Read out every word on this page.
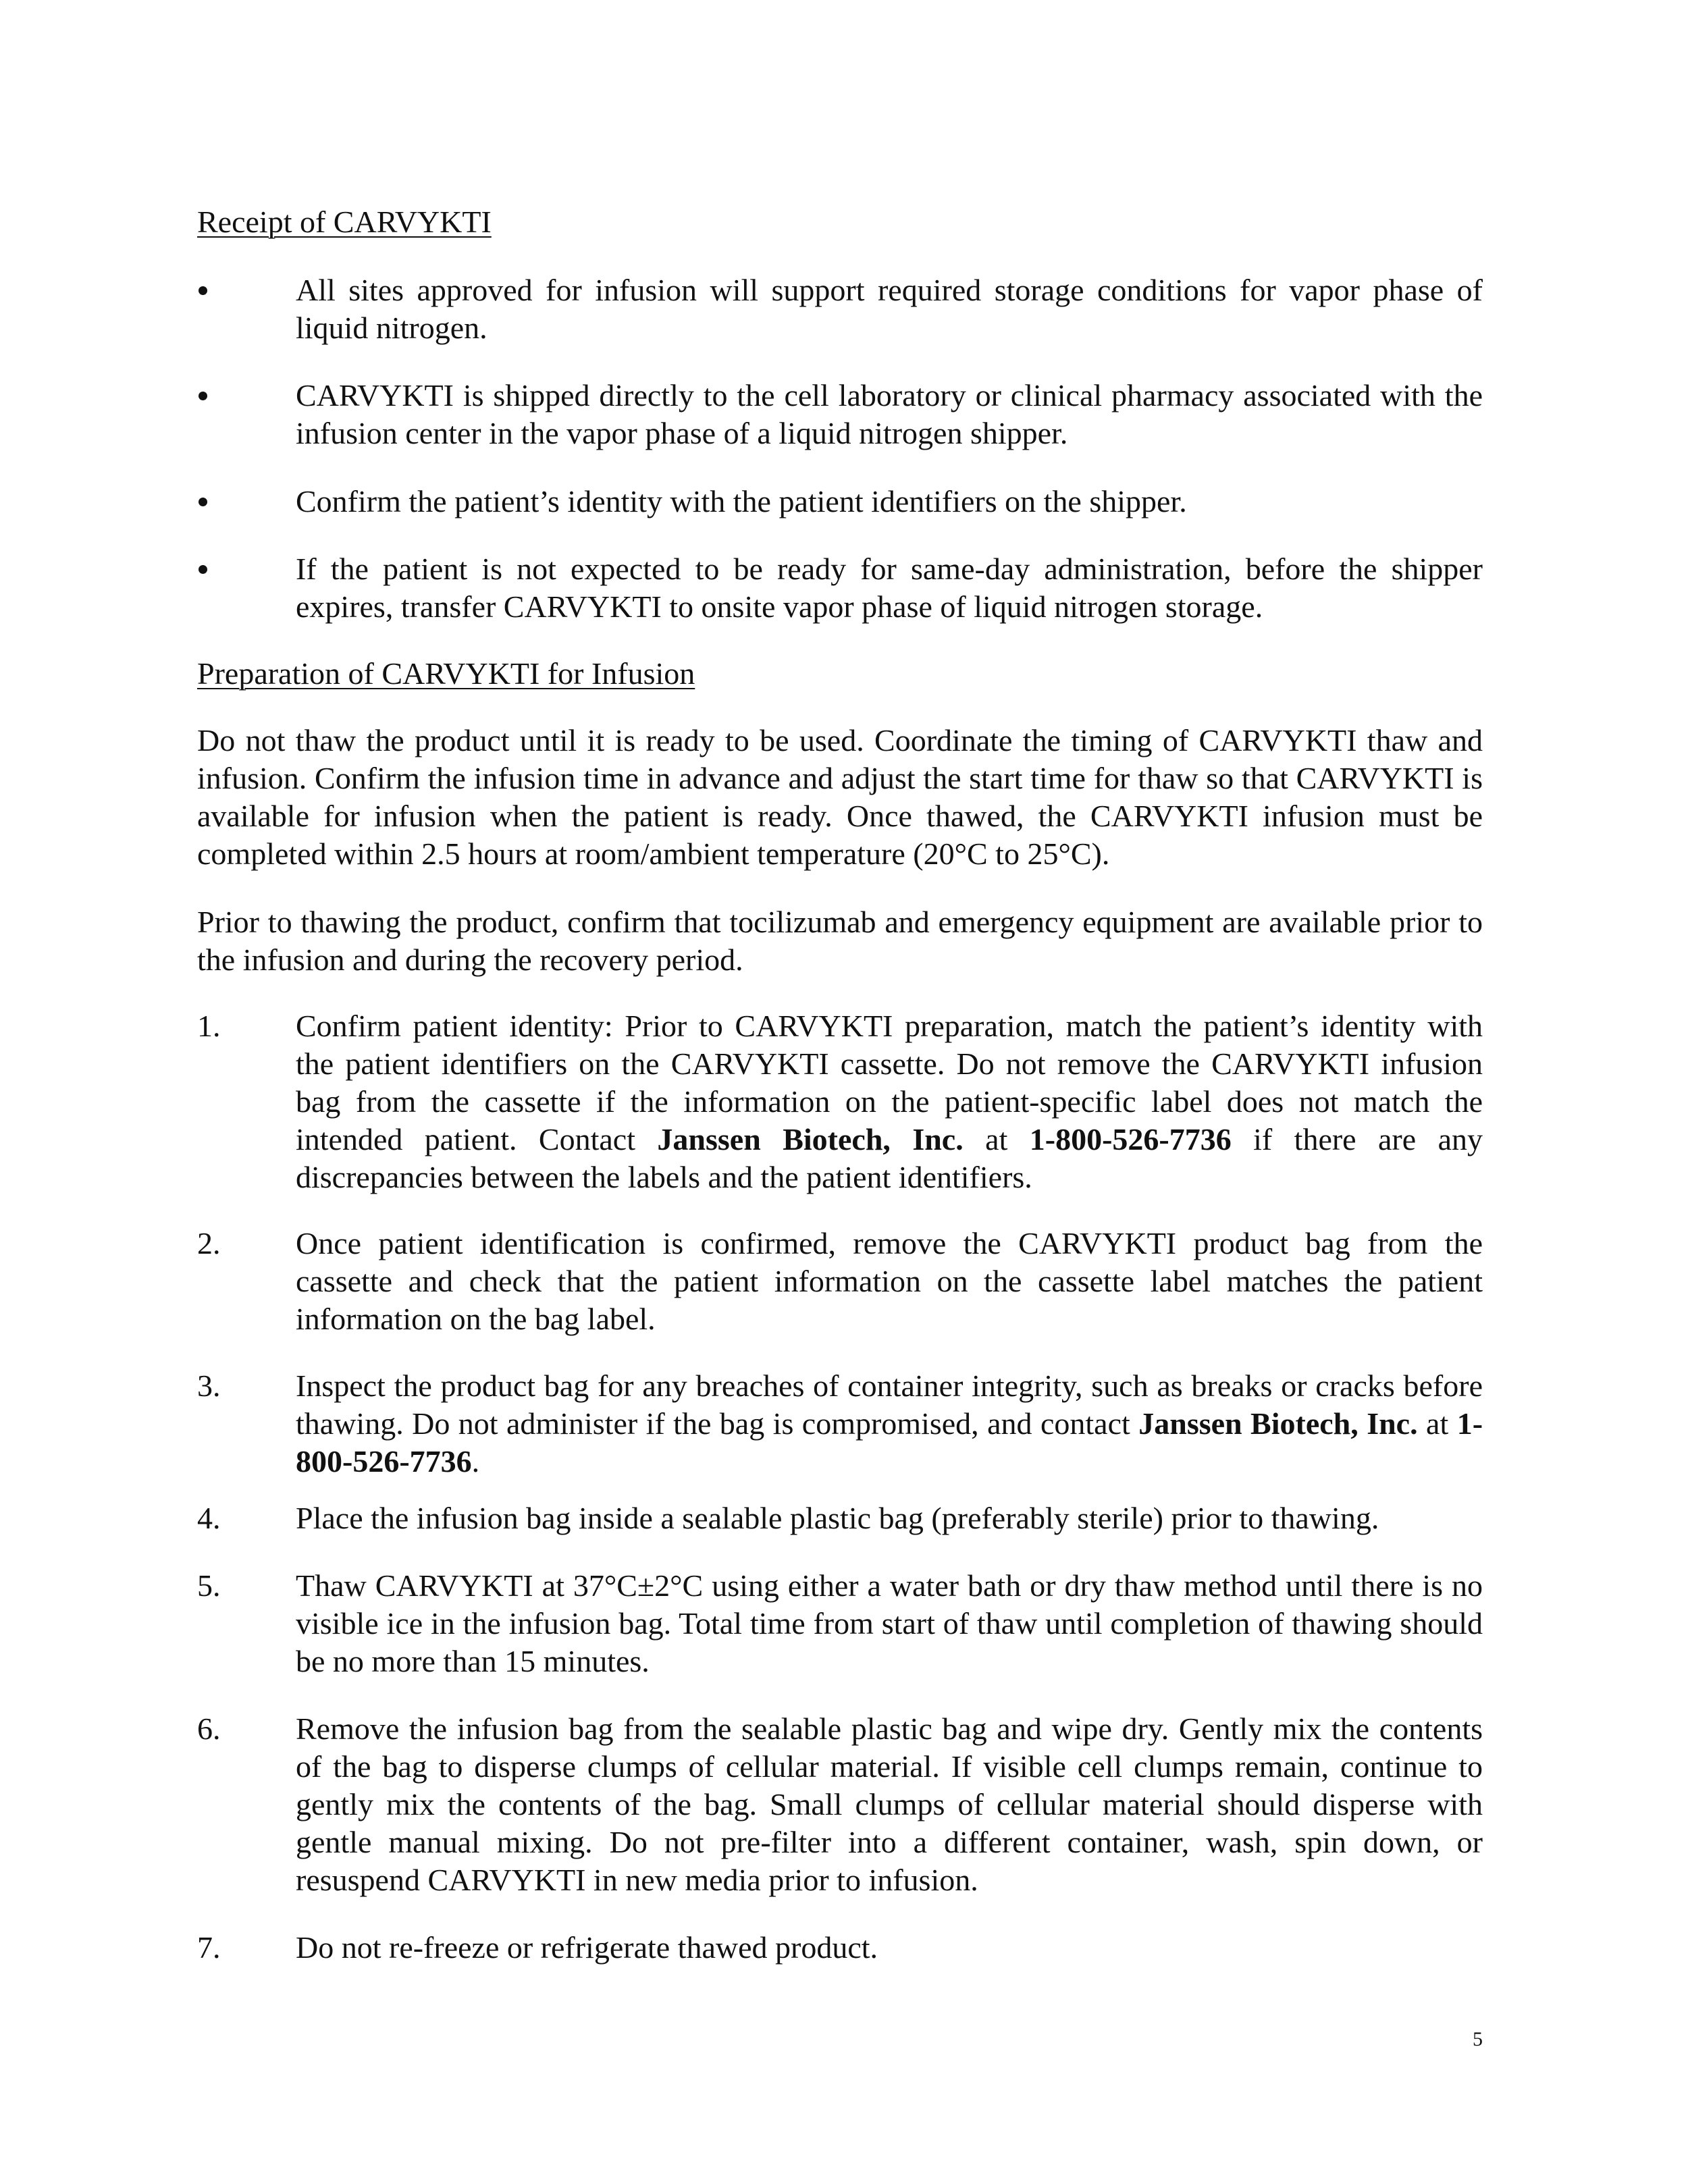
Receipt of CARVYKTI
All sites approved for infusion will support required storage conditions for vapor phase of liquid nitrogen.
CARVYKTI is shipped directly to the cell laboratory or clinical pharmacy associated with the infusion center in the vapor phase of a liquid nitrogen shipper.
Confirm the patient’s identity with the patient identifiers on the shipper.
If the patient is not expected to be ready for same-day administration, before the shipper expires, transfer CARVYKTI to onsite vapor phase of liquid nitrogen storage.
Preparation of CARVYKTI for Infusion
Do not thaw the product until it is ready to be used. Coordinate the timing of CARVYKTI thaw and infusion. Confirm the infusion time in advance and adjust the start time for thaw so that CARVYKTI is available for infusion when the patient is ready. Once thawed, the CARVYKTI infusion must be completed within 2.5 hours at room/ambient temperature (20°C to 25°C).
Prior to thawing the product, confirm that tocilizumab and emergency equipment are available prior to the infusion and during the recovery period.
1.	Confirm patient identity: Prior to CARVYKTI preparation, match the patient’s identity with the patient identifiers on the CARVYKTI cassette. Do not remove the CARVYKTI infusion bag from the cassette if the information on the patient-specific label does not match the intended patient. Contact Janssen Biotech, Inc. at 1-800-526-7736 if there are any discrepancies between the labels and the patient identifiers.
2.	Once patient identification is confirmed, remove the CARVYKTI product bag from the cassette and check that the patient information on the cassette label matches the patient information on the bag label.
3.	Inspect the product bag for any breaches of container integrity, such as breaks or cracks before thawing. Do not administer if the bag is compromised, and contact Janssen Biotech, Inc. at 1-800-526-7736.
4.	Place the infusion bag inside a sealable plastic bag (preferably sterile) prior to thawing.
5.	Thaw CARVYKTI at 37°C±2°C using either a water bath or dry thaw method until there is no visible ice in the infusion bag. Total time from start of thaw until completion of thawing should be no more than 15 minutes.
6.	Remove the infusion bag from the sealable plastic bag and wipe dry. Gently mix the contents of the bag to disperse clumps of cellular material. If visible cell clumps remain, continue to gently mix the contents of the bag. Small clumps of cellular material should disperse with gentle manual mixing. Do not pre-filter into a different container, wash, spin down, or resuspend CARVYKTI in new media prior to infusion.
7.	Do not re-freeze or refrigerate thawed product.
5
